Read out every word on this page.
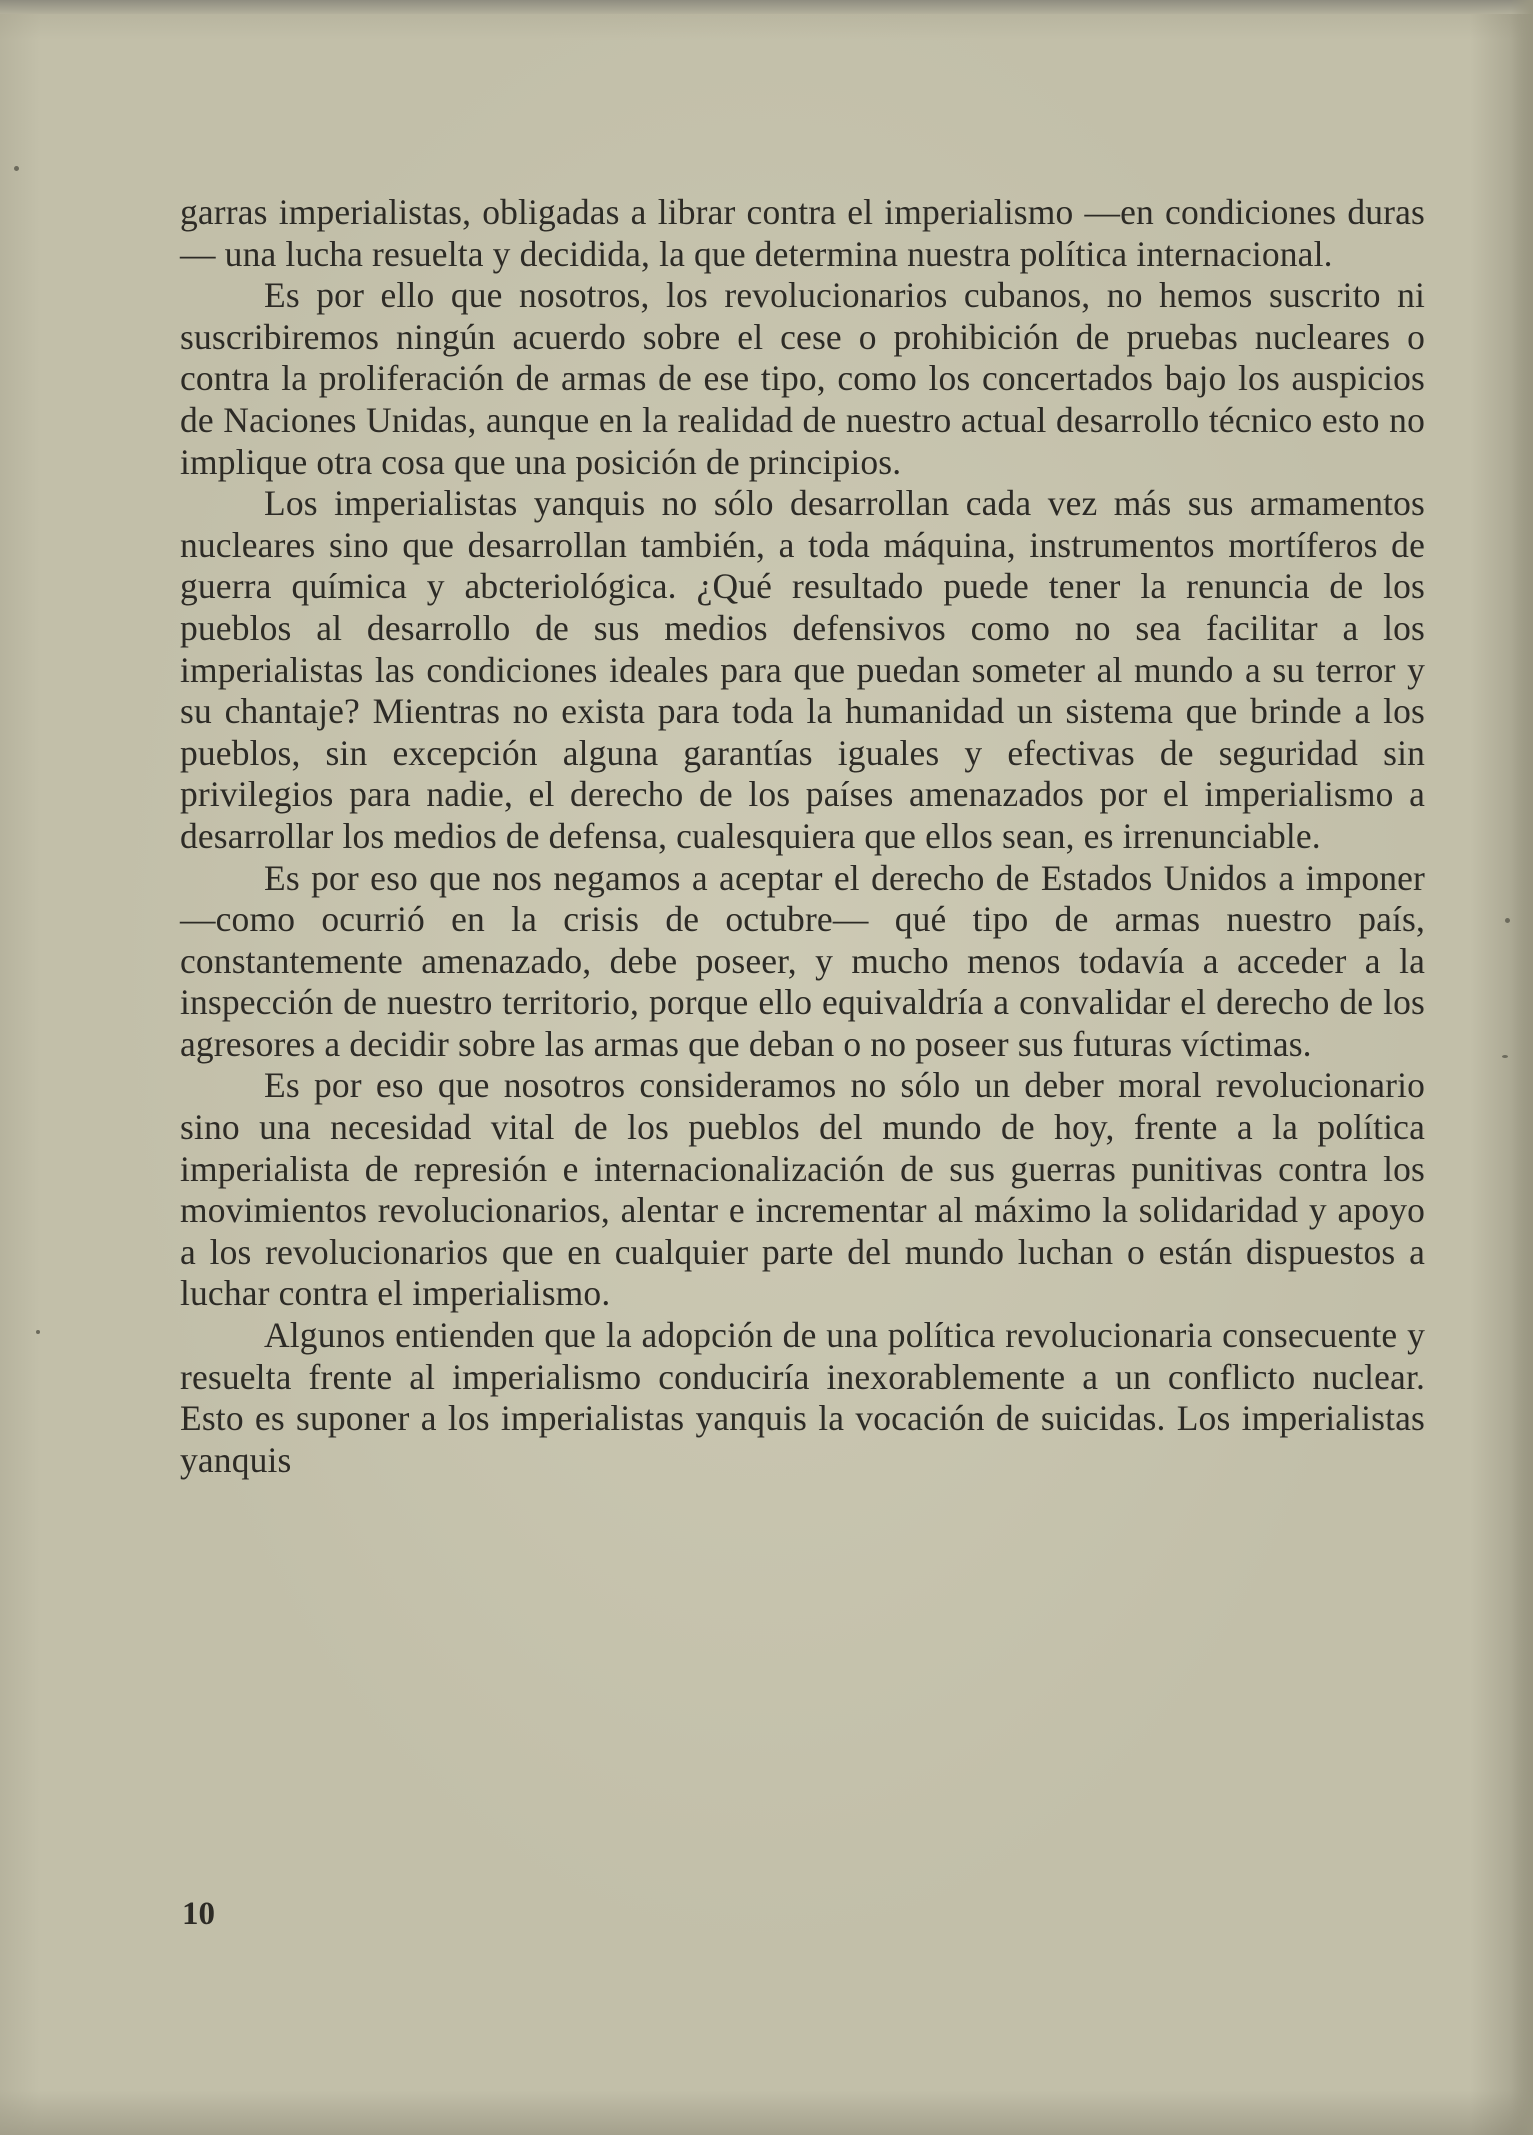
garras imperialistas, obligadas a librar contra el imperialismo —en condiciones duras— una lucha resuelta y decidida, la que determina nuestra política internacional.

Es por ello que nosotros, los revolucionarios cubanos, no hemos suscrito ni suscribiremos ningún acuerdo sobre el cese o prohibición de pruebas nucleares o contra la proliferación de armas de ese tipo, como los concertados bajo los auspicios de Naciones Unidas, aunque en la realidad de nuestro actual desarrollo técnico esto no implique otra cosa que una posición de principios.

Los imperialistas yanquis no sólo desarrollan cada vez más sus armamentos nucleares sino que desarrollan también, a toda máquina, instrumentos mortíferos de guerra química y abcteriológica. ¿Qué resultado puede tener la renuncia de los pueblos al desarrollo de sus medios defensivos como no sea facilitar a los imperialistas las condiciones ideales para que puedan someter al mundo a su terror y su chantaje? Mientras no exista para toda la humanidad un sistema que brinde a los pueblos, sin excepción alguna garantías iguales y efectivas de seguridad sin privilegios para nadie, el derecho de los países amenazados por el imperialismo a desarrollar los medios de defensa, cualesquiera que ellos sean, es irrenunciable.

Es por eso que nos negamos a aceptar el derecho de Estados Unidos a imponer —como ocurrió en la crisis de octubre— qué tipo de armas nuestro país, constantemente amenazado, debe poseer, y mucho menos todavía a acceder a la inspección de nuestro territorio, porque ello equivaldría a convalidar el derecho de los agresores a decidir sobre las armas que deban o no poseer sus futuras víctimas.

Es por eso que nosotros consideramos no sólo un deber moral revolucionario sino una necesidad vital de los pueblos del mundo de hoy, frente a la política imperialista de represión e internacionalización de sus guerras punitivas contra los movimientos revolucionarios, alentar e incrementar al máximo la solidaridad y apoyo a los revolucionarios que en cualquier parte del mundo luchan o están dispuestos a luchar contra el imperialismo.

Algunos entienden que la adopción de una política revolucionaria consecuente y resuelta frente al imperialismo conduciría inexorablemente a un conflicto nuclear. Esto es suponer a los imperialistas yanquis la vocación de suicidas. Los imperialistas yanquis

10
